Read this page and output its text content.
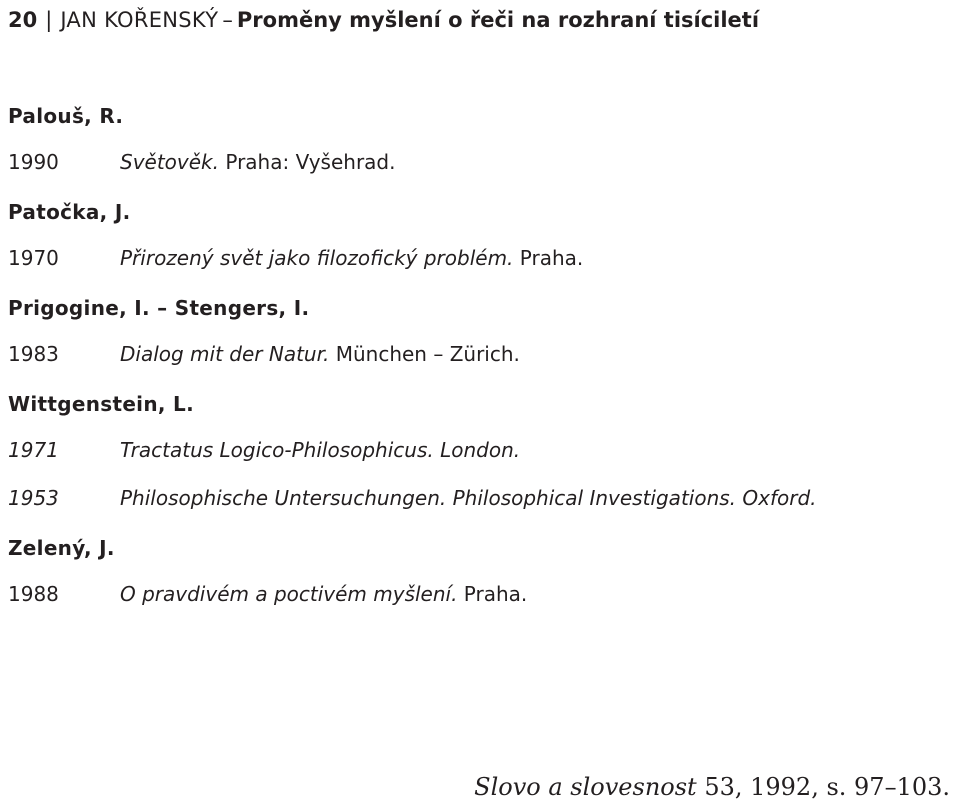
20 | JAN KOŘENSKÝ – Proměny myšlení o řeči na rozhraní tisíciletí
Palouš, R.
1990	Světověk. Praha: Vyšehrad.
Patočka, J.
1970	Přirozený svět jako filozofický problém. Praha.
Prigogine, I. – Stengers, I.
1983	Dialog mit der Natur. München – Zürich.
Wittgenstein, L.
1971	Tractatus Logico-Philosophicus. London.
1953	Philosophische Untersuchungen. Philosophical Investigations. Oxford.
Zelený, J.
1988	O pravdivém a poctivém myšlení. Praha.
Slovo a slovesnost 53, 1992, s. 97–103.
